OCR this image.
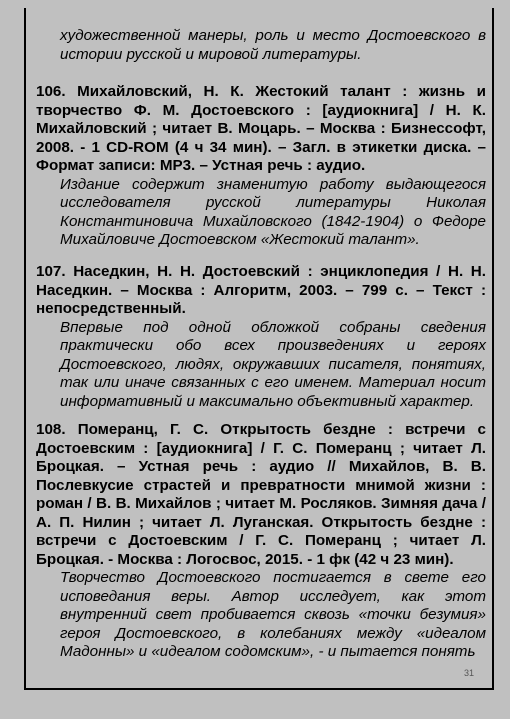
31

художественной манеры, роль и место Достоевского в истории русской и мировой литературы.

106. Михайловский, Н. К. Жестокий талант : жизнь и творчество Ф. М. Достоевского : [аудиокнига] / Н. К. Михайловский ; читает В. Моцарь. – Москва : Бизнессофт, 2008. - 1 CD-ROM (4 ч 34 мин). – Загл. в этикетки диска. – Формат записи: MP3. – Устная речь : аудио.

Издание содержит знаменитую работу выдающегося исследователя русской литературы Николая Константиновича Михайловского (1842-1904) о Федоре Михайловиче Достоевском «Жестокий талант».

107. Наседкин, Н. Н. Достоевский : энциклопедия / Н. Н. Наседкин. – Москва : Алгоритм, 2003. – 799 с. – Текст : непосредственный.

Впервые под одной обложкой собраны сведения практически обо всех произведениях и героях Достоевского, людях, окружавших писателя, понятиях, так или иначе связанных с его именем. Материал носит информативный и максимально объективный характер.

108. Померанц, Г. С. Открытость бездне : встречи с Достоевским : [аудиокнига] / Г. С. Померанц ; читает Л. Броцкая. – Устная речь : аудио // Михайлов, В. В. Послевкусие страстей и превратности мнимой жизни : роман / В. В. Михайлов ; читает М. Росляков. Зимняя дача / А. П. Нилин ; читает Л. Луганская. Открытость бездне : встречи с Достоевским / Г. С. Померанц ; читает Л. Броцкая. - Москва : Логосвос, 2015. - 1 фк (42 ч 23 мин).

Творчество Достоевского постигается в свете его исповедания веры. Автор исследует, как этот внутренний свет пробивается сквозь «точки безумия» героя Достоевского, в колебаниях между «идеалом Мадонны» и «идеалом содомским», - и пытается понять
